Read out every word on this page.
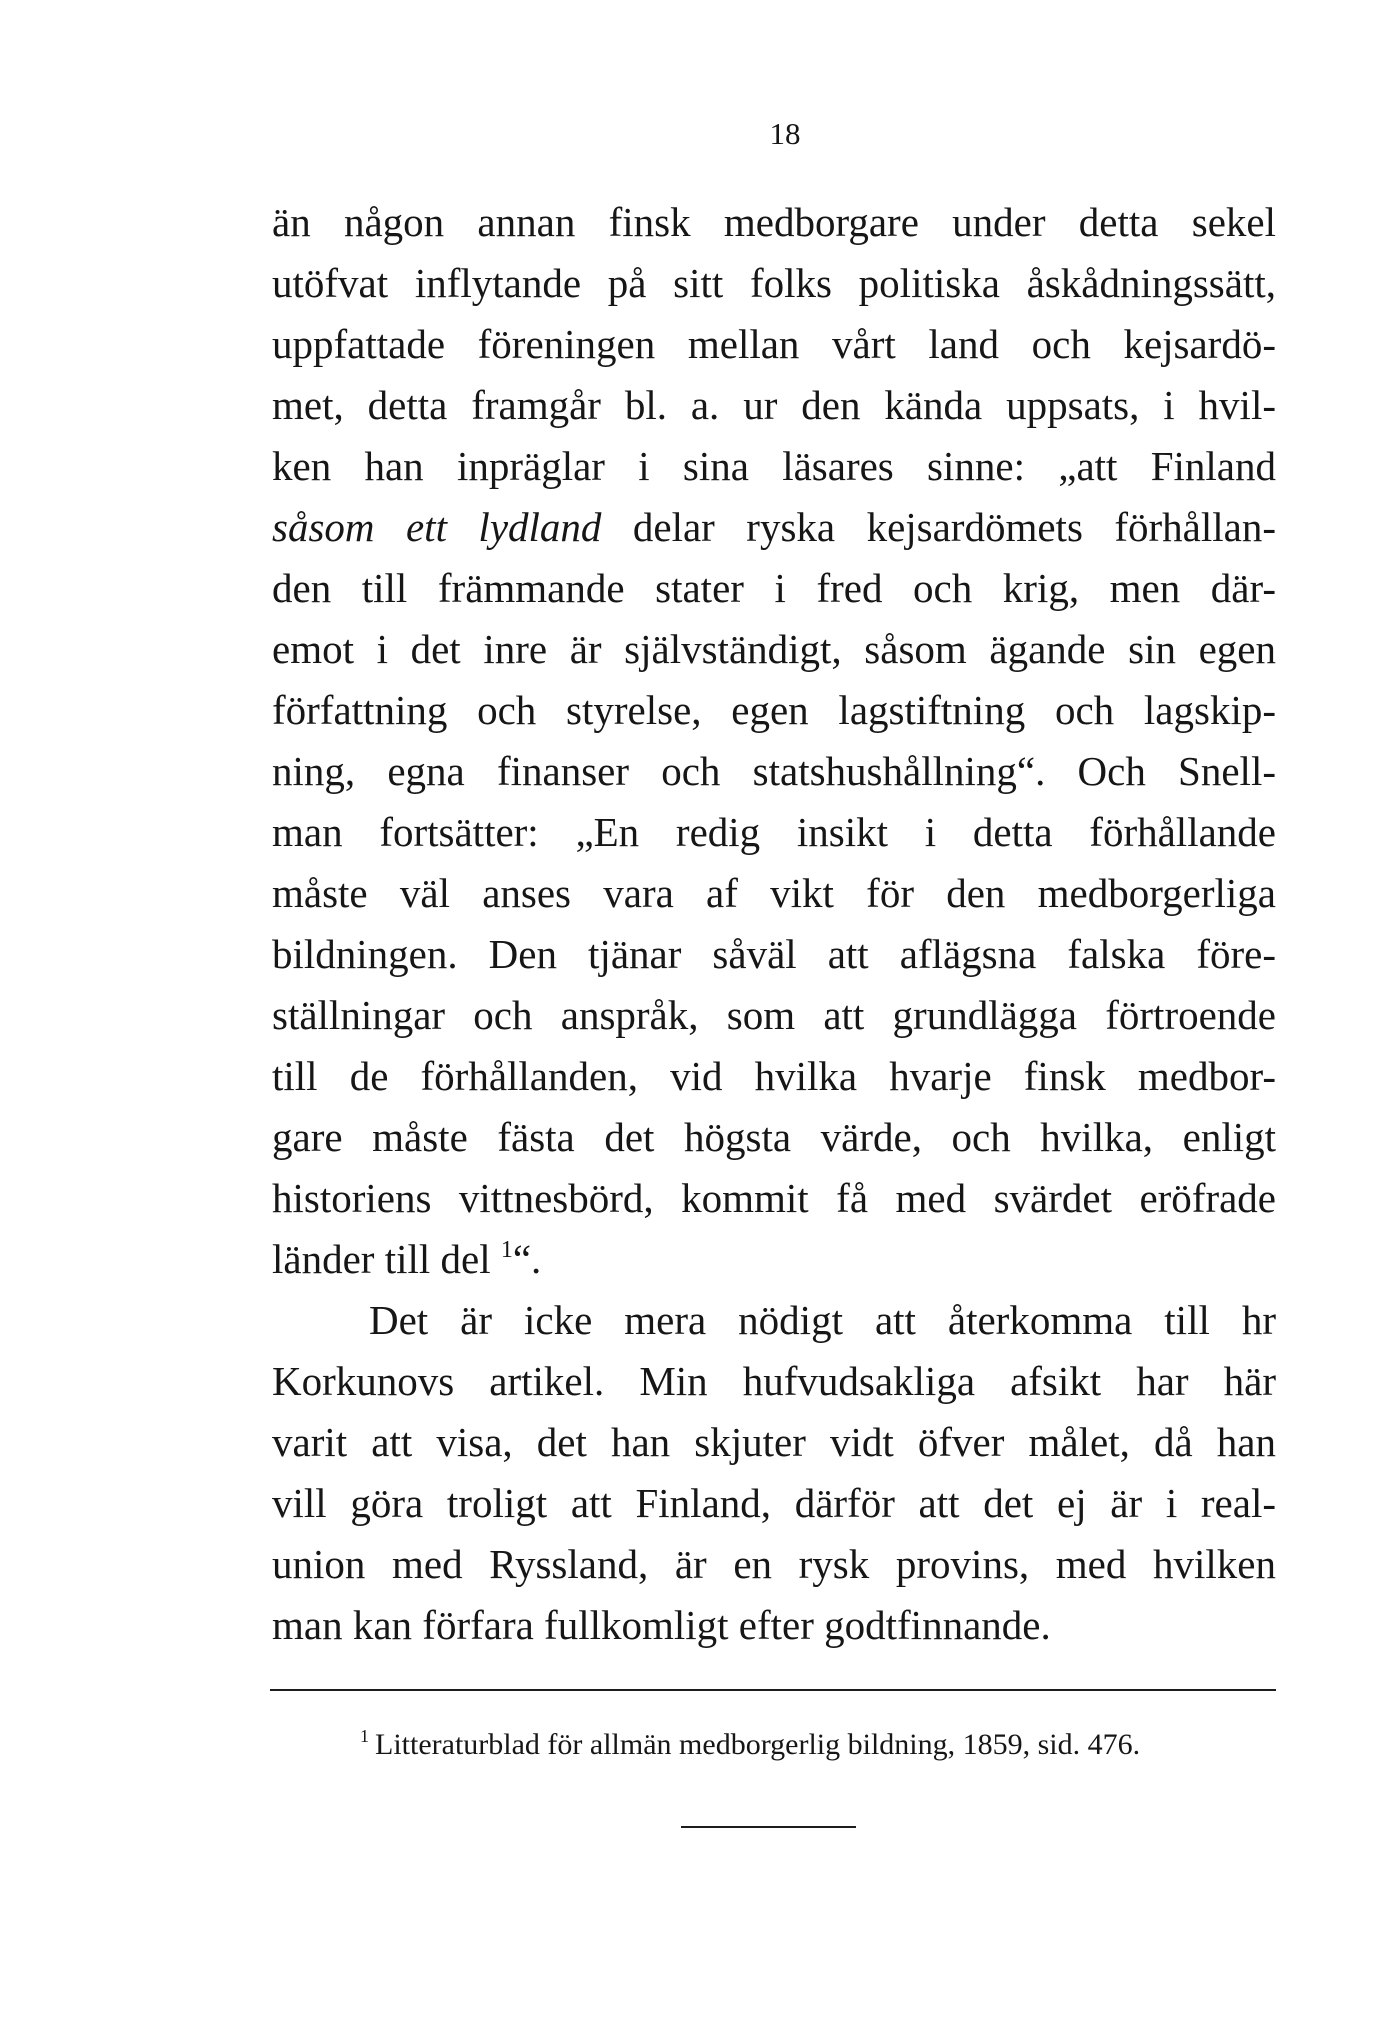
18
än någon annan finsk medborgare under detta sekel
utöfvat inflytande på sitt folks politiska åskådningssätt,
uppfattade föreningen mellan vårt land och kejsardö-
met, detta framgår bl. a. ur den kända uppsats, i hvil-
ken han inpräglar i sina läsares sinne: „att Finland
såsom ett lydland delar ryska kejsardömets förhållan-
den till främmande stater i fred och krig, men där-
emot i det inre är självständigt, såsom ägande sin egen
författning och styrelse, egen lagstiftning och lagskip-
ning, egna finanser och statshushållning“. Och Snell-
man fortsätter: „En redig insikt i detta förhållande
måste väl anses vara af vikt för den medborgerliga
bildningen. Den tjänar såväl att aflägsna falska före-
ställningar och anspråk, som att grundlägga förtroende
till de förhållanden, vid hvilka hvarje finsk medbor-
gare måste fästa det högsta värde, och hvilka, enligt
historiens vittnesbörd, kommit få med svärdet eröfrade
länder till del $^1$“.
Det är icke mera nödigt att återkomma till hr
Korkunovs artikel. Min hufvudsakliga afsikt har här
varit att visa, det han skjuter vidt öfver målet, då han
vill göra troligt att Finland, därför att det ej är i real-
union med Ryssland, är en rysk provins, med hvilken
man kan förfara fullkomligt efter godtfinnande.
$^1$ Litteraturblad för allmän medborgerlig bildning, 1859, sid. 476.
